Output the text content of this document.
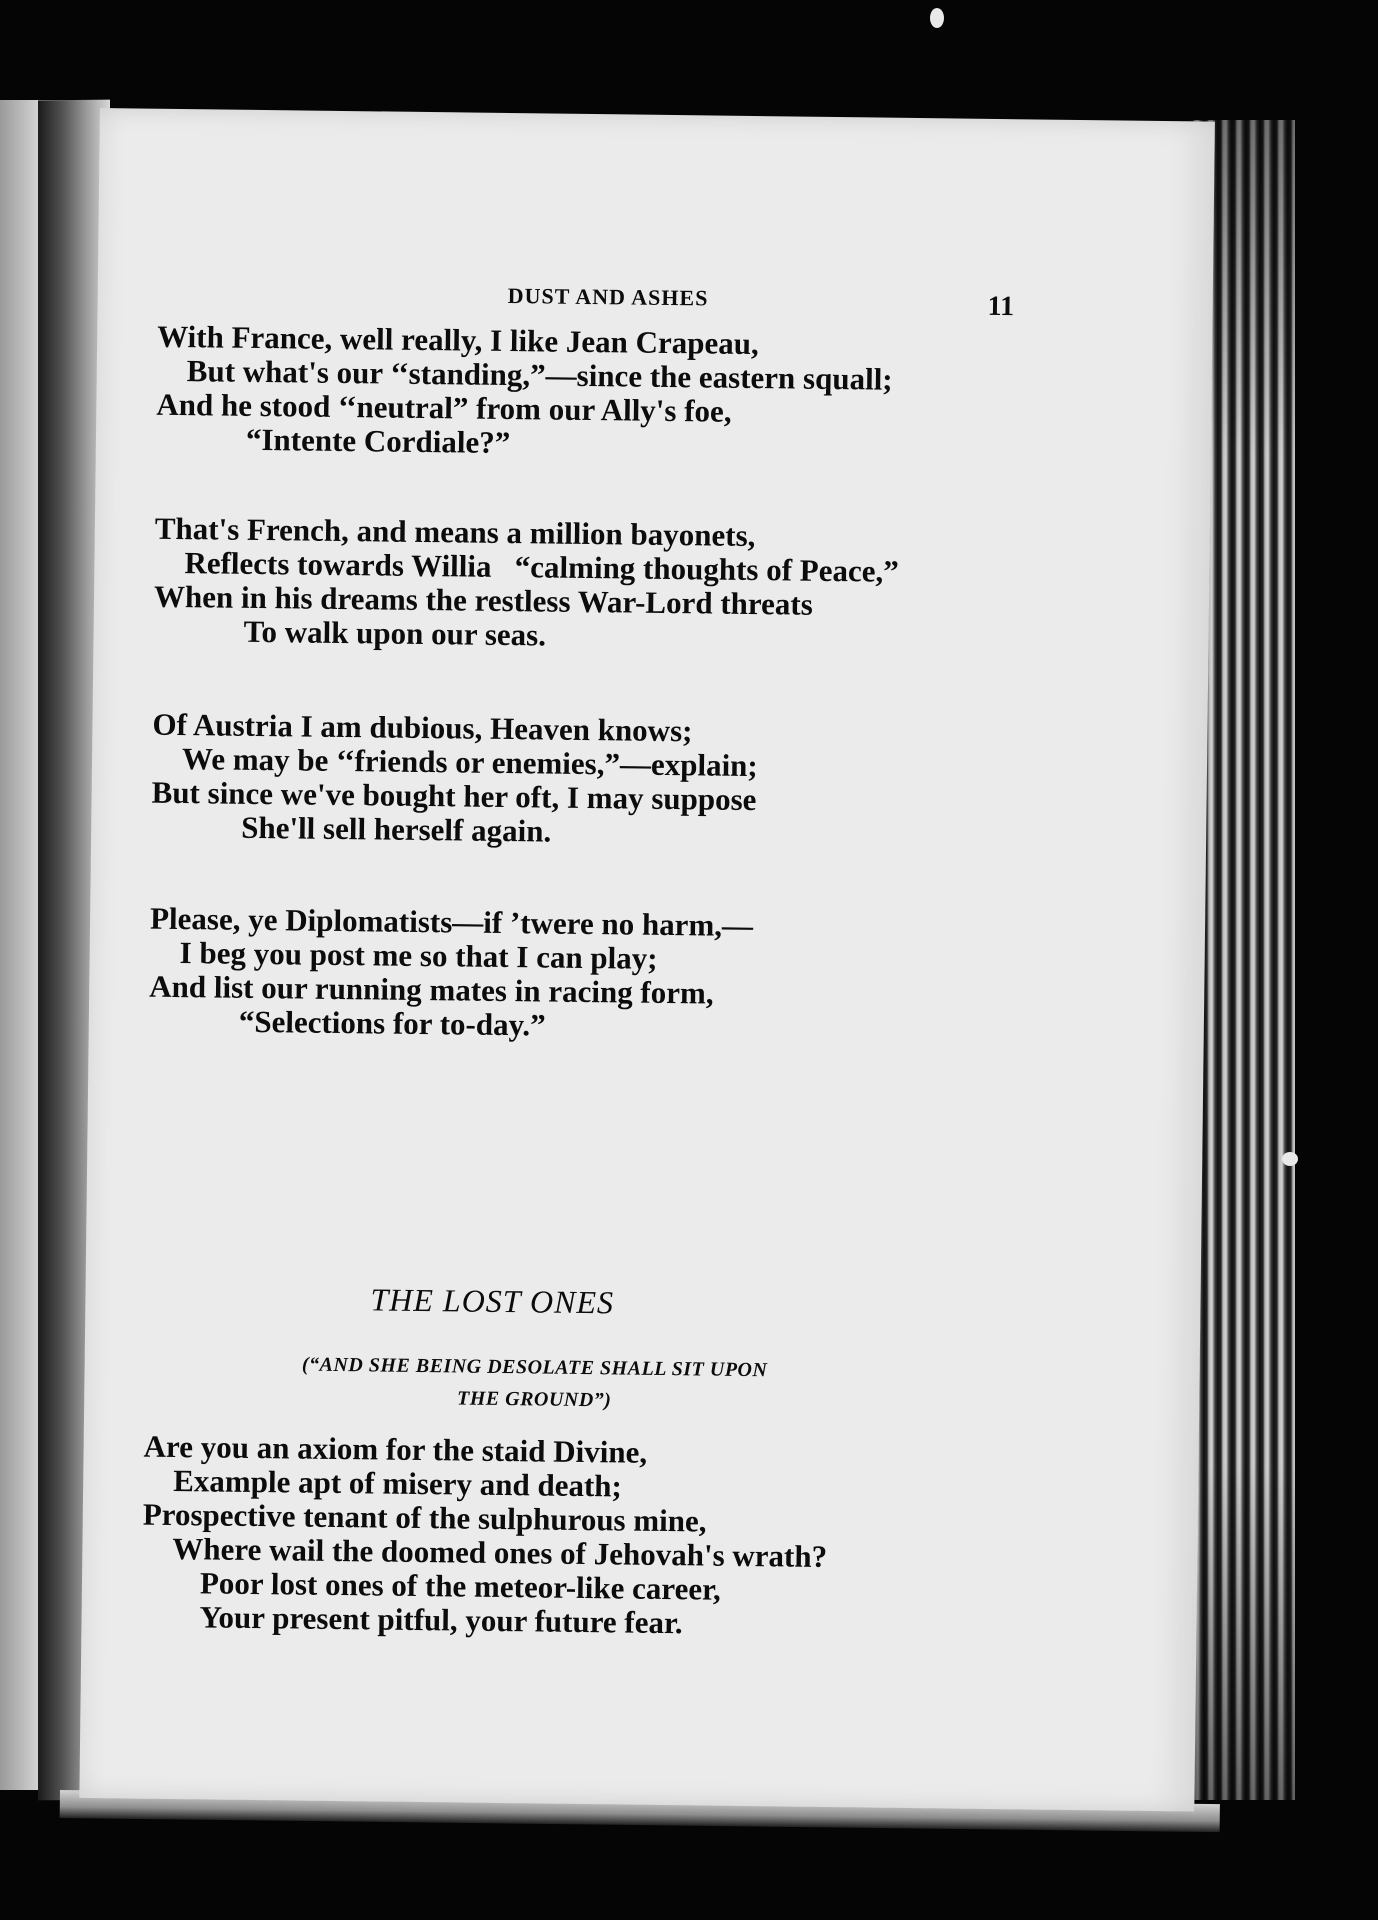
DUST AND ASHES	11
With France, well really, I like Jean Crapeau,
But what's our ‘‘standing,”—since the eastern squall;
And he stood ‘‘neutral” from our Ally's foe,
“Intente Cordiale?”
That's French, and means a million bayonets,
Reflects towards Willia   “calming thoughts of Peace,”
When in his dreams the restless War-Lord threats
To walk upon our seas.
Of Austria I am dubious, Heaven knows;
We may be ‘‘friends or enemies,”—explain;
But since we've bought her oft, I may suppose
She'll sell herself again.
Please, ye Diplomatists—if ’twere no harm,—
I beg you post me so that I can play;
And list our running mates in racing form,
“Selections for to-day.”
THE LOST ONES
(“AND SHE BEING DESOLATE SHALL SIT UPON
THE GROUND”)
Are you an axiom for the staid Divine,
Example apt of misery and death;
Prospective tenant of the sulphurous mine,
Where wail the doomed ones of Jehovah's wrath?
Poor lost ones of the meteor-like career,
Your present pitful, your future fear.
